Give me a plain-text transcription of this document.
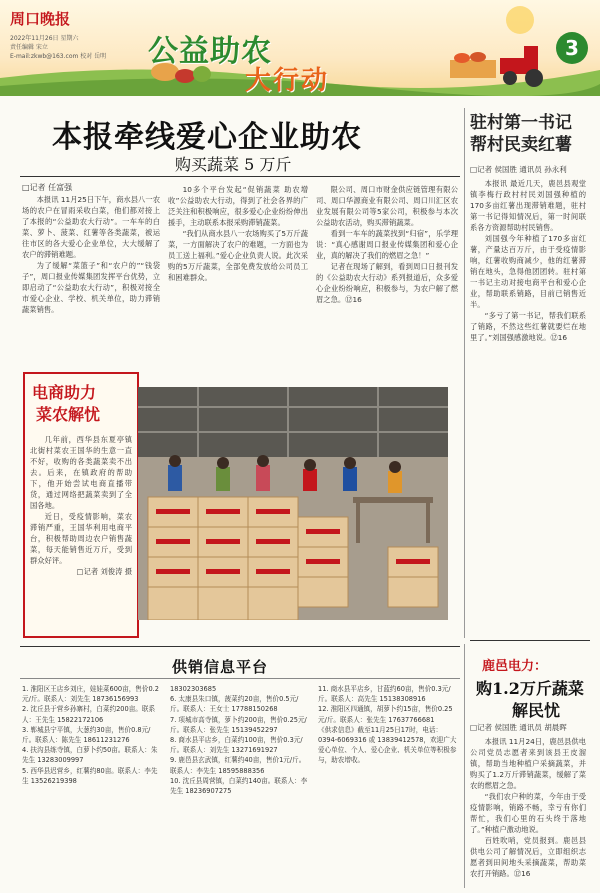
周口晚报
2022年11月26日 星期六
责任编辑 宋立
E-mail:zkwb@163.com 校对 岳明	公益助农
大行动
3
本报牵线爱心企业助农
购买蔬菜 5 万斤
□记者 任富强

本报讯 11月25日下午，商水县八一农场的农户在冒雨采收白菜，他们都对接上了本报的“公益助农大行动”。一车车的白菜、萝卜、菠菜、红薯等各类蔬菜，被运往市区的各大爱心企业单位，大大缓解了农户的滞销难题。

为了缓解“菜篮子”和“农户的”“钱袋子”，周口报业传媒集团发挥平台优势，立即启动了“公益助农大行动”，积极对接全市爱心企业、学校、机关单位，助力滞销蔬菜销售。

10多个平台发起“促销蔬菜 助农增收”公益助农大行动，得到了社会各界的广泛关注和积极响应，很多爱心企业纷纷伸出援手，主动联系本报采购滞销蔬菜。

“我们从商水县八一农场购买了5万斤蔬菜，一方面解决了农户的难题，一方面也为员工送上福利。”爱心企业负责人说。此次采购的5万斤蔬菜，全部免费发放给公司员工和困难群众。

限公司、周口市财金供应链管理有限公司、周口华源商业有限公司、周口川汇区农业发展有限公司等5家公司，积极参与本次公益助农活动，购买滞销蔬菜。

看到一车车的蔬菜找到“归宿”，乐学理说：“真心感谢周口报业传媒集团和爱心企业，真的解决了我们的燃眉之急！”

记者在现场了解到，看到周口日报刊发的《公益助农大行动》系列报道后，众多爱心企业纷纷响应，积极参与，为农户解了燃眉之急。⑫16

驻村第一书记
帮村民卖红薯
□记者 侯国胜 通讯员 孙永利

本报讯 最近几天，鹿邑县观堂镇李梅行政村村民刘国强种植的170多亩红薯出现滞销难题，驻村第一书记得知情况后，第一时间联系各方资源帮助村民销售。

刘国强今年种植了170多亩红薯，产量达百万斤，由于受疫情影响，红薯收购商减少，他的红薯滞销在地头，急得他团团转。驻村第一书记主动对接电商平台和爱心企业，帮助联系销路，目前已销售近半。

“多亏了第一书记，帮我们联系了销路，不然这些红薯就要烂在地里了。”刘国强感激地说。⑫16

电商助力
菜农解忧

几年前，西华县东夏亭镇北街村菜农王国华的生意一直不好，收购的各类蔬菜卖不出去。后来，在镇政府的帮助下，他开始尝试电商直播带货，通过网络把蔬菜卖到了全国各地。

近日，受疫情影响，菜农滞销严重，王国华利用电商平台，积极帮助周边农户销售蔬菜，每天能销售近万斤，受到群众好评。

□记者 刘俊涛 摄

鹿邑电力：
购1.2万斤蔬菜
解民忧
□记者 侯国胜 通讯员 胡晨晖

本报讯 11月24日，鹿邑县供电公司党员志愿者来到该县王皮溜镇，帮助当地种植户采摘蔬菜，并购买了1.2万斤滞销蔬菜，缓解了菜农的燃眉之急。

“我们农户种的菜，今年由于受疫情影响，销路不畅，幸亏有你们帮忙，我们心里的石头终于落地了。”种植户激动地说。

百姓吹哨，党员报到。鹿邑县供电公司了解情况后，立即组织志愿者到田间地头采摘蔬菜，帮助菜农打开销路。⑫16

供销信息平台

1. 淮阳区王店乡刘庄，娃娃菜600亩，售价0.2元/斤。联系人：刘先生 18736156993

2. 沈丘县于营乡孙寨村，白菜约200亩。联系人：王先生 15822172106

3. 郸城县宁平镇，大葱约30亩，售价0.8元/斤。联系人：陈先生 18611231276

4. 扶沟县练寺镇，白萝卜约50亩。联系人：朱先生 13283009997

5. 西华县迟营乡，红薯约80亩。联系人：李先生 13526219398

18302303685

6. 太康县朱口镇，菠菜约20亩，售价0.5元/斤。联系人：王女士 17788150268

7. 项城市高寺镇，萝卜约200亩，售价0.25元/斤。联系人：张先生 15139452297

8. 商水县平店乡，白菜约100亩，售价0.3元/斤。联系人：刘先生 13271691927

9. 鹿邑县玄武镇，红薯约40亩，售价1元/斤。联系人：李先生 18595888356

10. 沈丘县周营镇，白菜约140亩。联系人：李先生 18236907275

11. 商水县平店乡，甘蓝约60亩，售价0.3元/斤。联系人：高先生 15138308916

12. 淮阳区四通镇，胡萝卜约15亩，售价0.25元/斤。联系人：张先生 17637766681

《供求信息》截至11月25日17时，电话：0394-6069316 或 13839412578，欢迎广大爱心单位、个人、爱心企业、机关单位等积极参与，助农增收。
